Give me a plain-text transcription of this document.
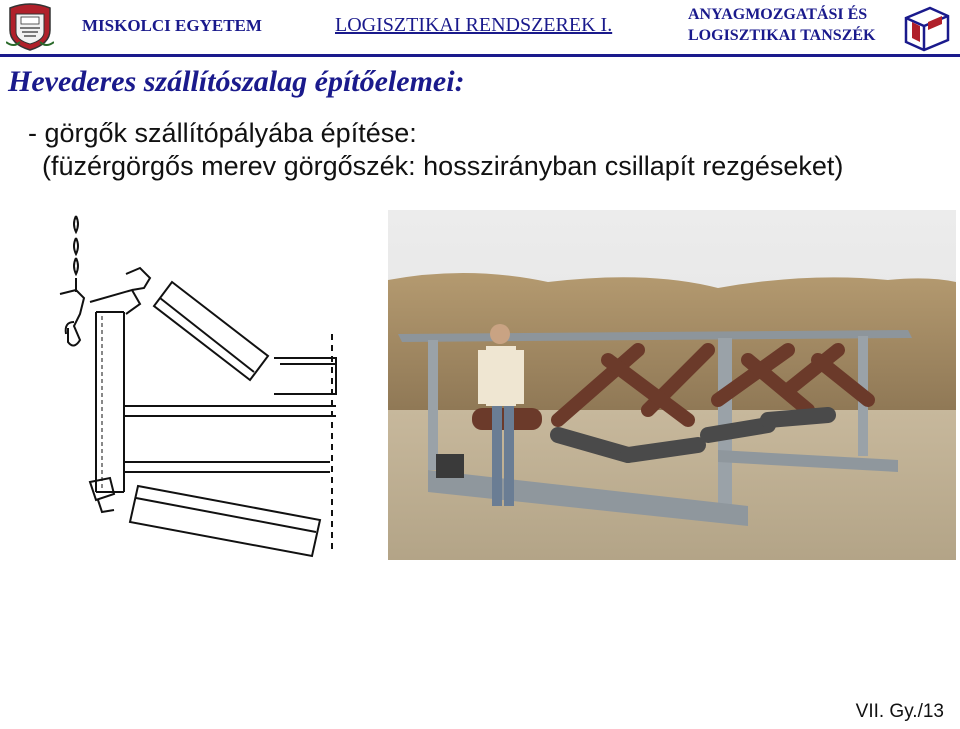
MISKOLCI EGYETEM	LOGISZTIKAI RENDSZEREK I.	ANYAGMOZGATÁSI ÉS
LOGISZTIKAI TANSZÉK
Hevederes szállítószalag építőelemei:
- görgők szállítópályába építése:
(füzérgörgős merev görgőszék: hosszirányban csillapít rezgéseket)
VII. Gy./13
